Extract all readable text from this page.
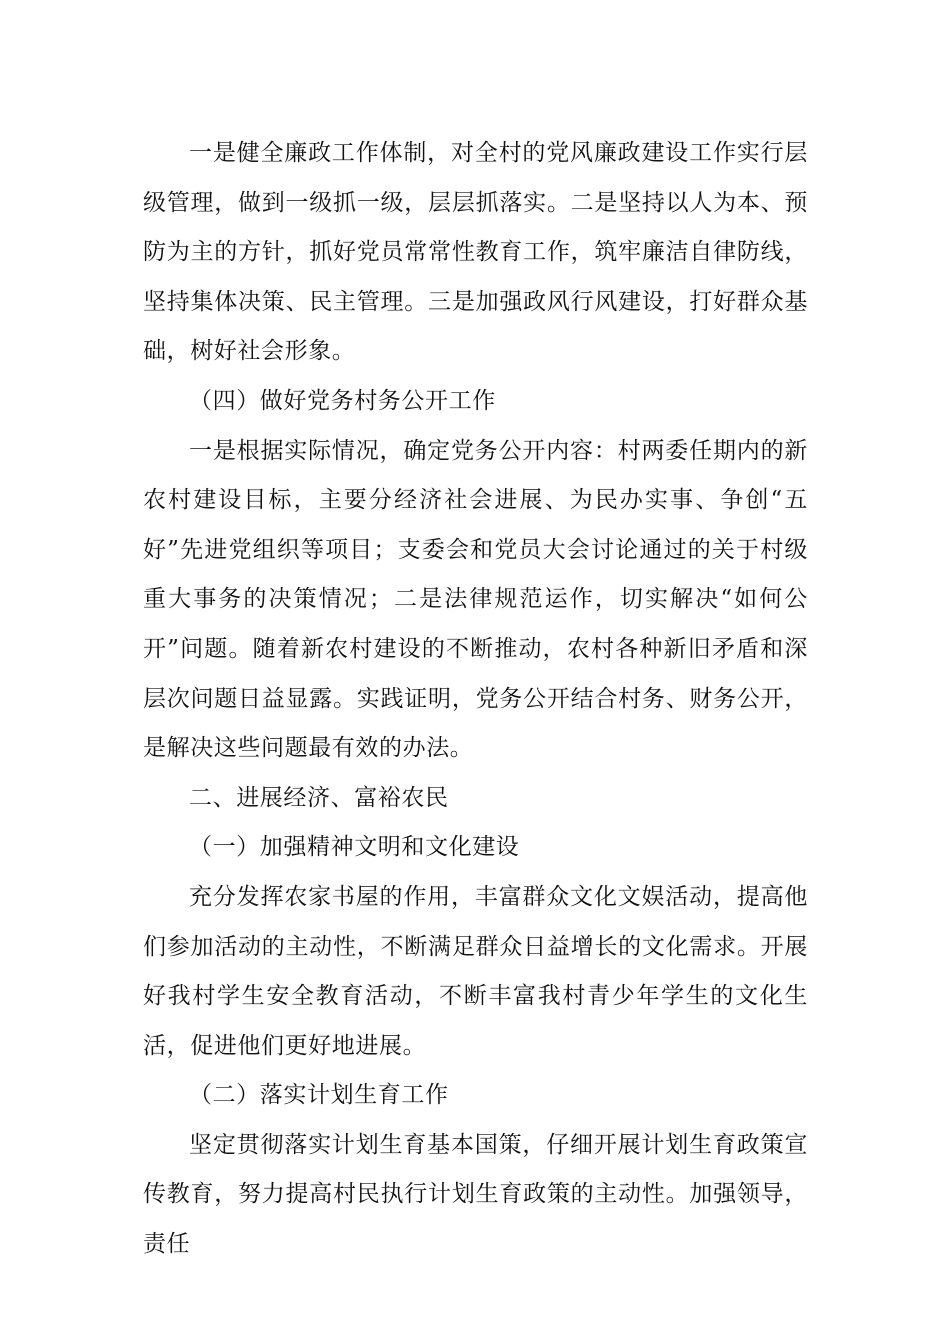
一是健全廉政工作体制，对全村的党风廉政建设工作实行层级管理，做到一级抓一级，层层抓落实。二是坚持以人为本、预防为主的方针，抓好党员常常性教育工作，筑牢廉洁自律防线，坚持集体决策、民主管理。三是加强政风行风建设，打好群众基础，树好社会形象。

（四）做好党务村务公开工作

一是根据实际情况，确定党务公开内容：村两委任期内的新农村建设目标，主要分经济社会进展、为民办实事、争创“五好”先进党组织等项目；支委会和党员大会讨论通过的关于村级重大事务的决策情况；二是法律规范运作，切实解决“如何公开”问题。随着新农村建设的不断推动，农村各种新旧矛盾和深层次问题日益显露。实践证明，党务公开结合村务、财务公开，是解决这些问题最有效的办法。

二、进展经济、富裕农民

（一）加强精神文明和文化建设

充分发挥农家书屋的作用，丰富群众文化文娱活动，提高他们参加活动的主动性，不断满足群众日益增长的文化需求。开展好我村学生安全教育活动，不断丰富我村青少年学生的文化生活，促进他们更好地进展。

（二）落实计划生育工作

坚定贯彻落实计划生育基本国策，仔细开展计划生育政策宣传教育，努力提高村民执行计划生育政策的主动性。加强领导，责任
